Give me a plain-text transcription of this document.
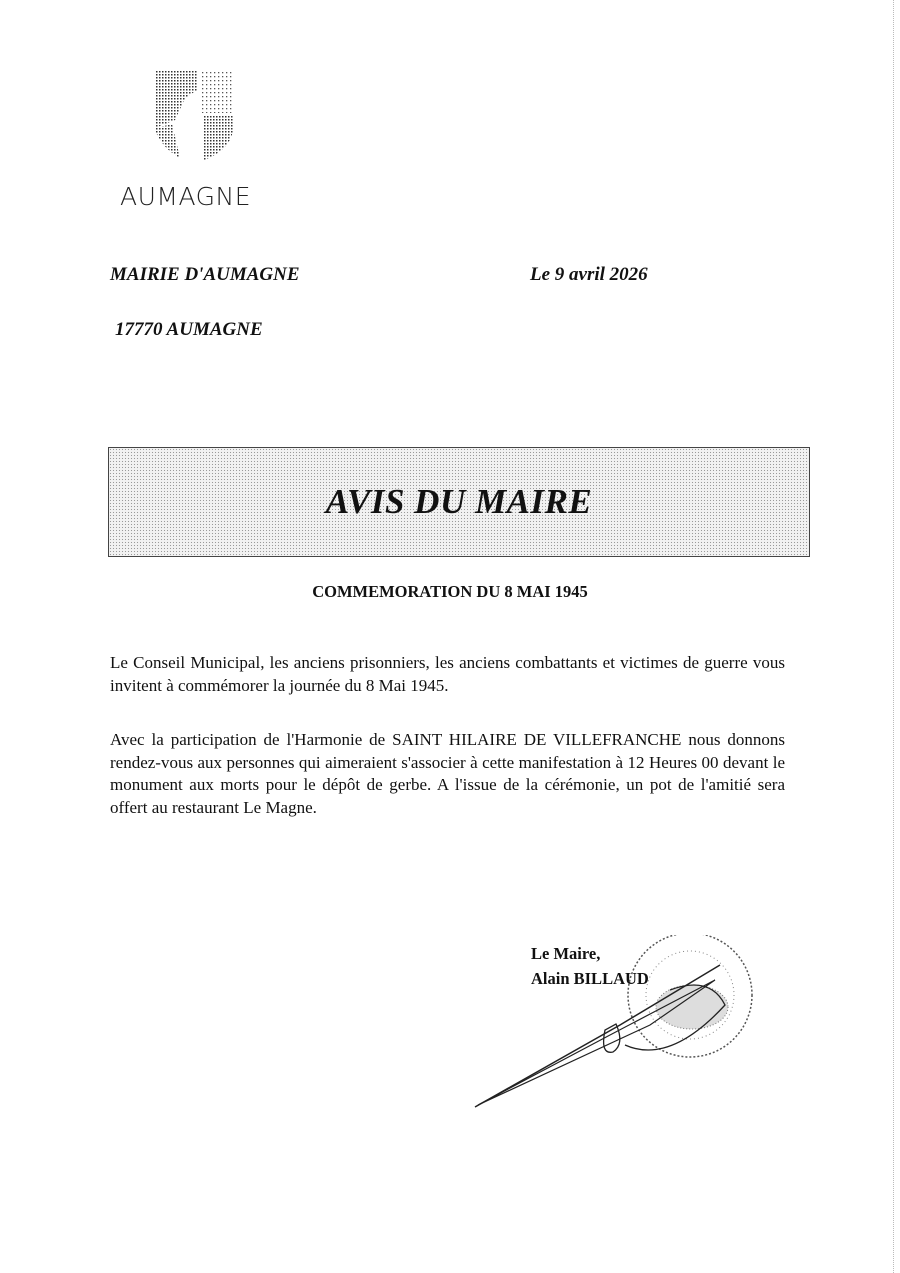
AUMAGNE
MAIRIE D'AUMAGNE	Le 9 avril 2026
17770 AUMAGNE
AVIS DU MAIRE
COMMEMORATION DU 8 MAI 1945
Le Conseil Municipal, les anciens prisonniers, les anciens combattants et victimes de guerre vous invitent à commémorer la journée du 8 Mai 1945.
Avec la participation de l'Harmonie de SAINT HILAIRE DE VILLEFRANCHE nous donnons rendez-vous aux personnes qui aimeraient s'associer à cette manifestation à 12 Heures 00 devant le monument aux morts pour le dépôt de gerbe. A l'issue de la cérémonie, un pot de l'amitié sera offert au restaurant Le Magne.
Le Maire,
Alain BILLAUD
